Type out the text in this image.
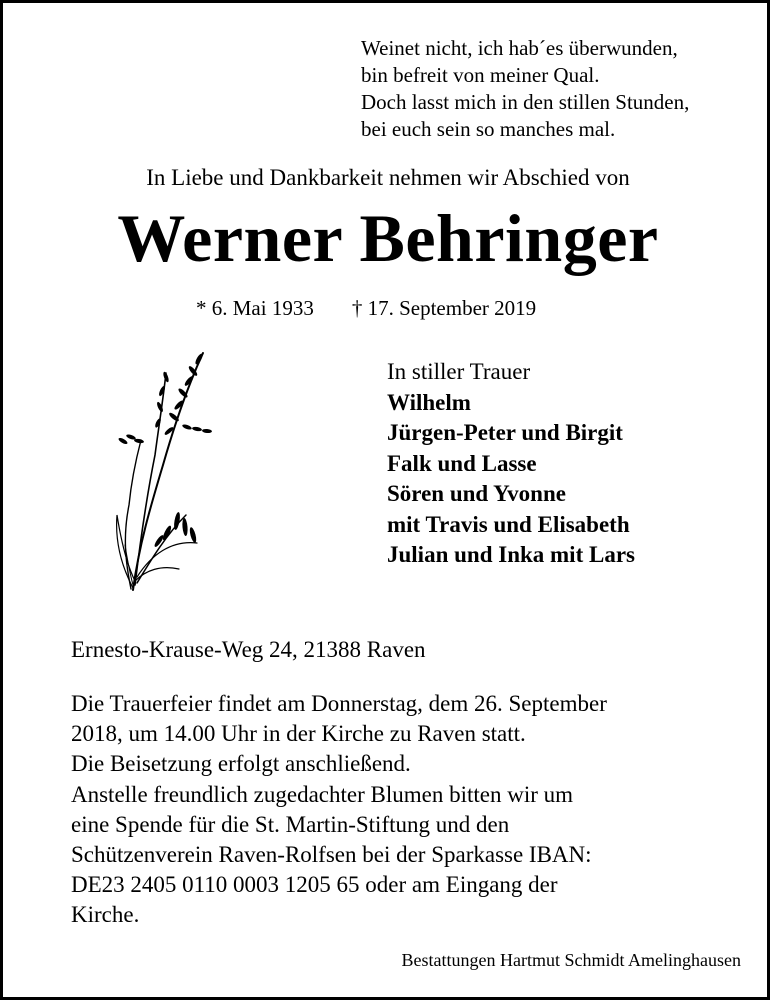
Weinet nicht, ich hab´es überwunden,
bin befreit von meiner Qual.
Doch lasst mich in den stillen Stunden,
bei euch sein so manches mal.
In Liebe und Dankbarkeit nehmen wir Abschied von
Werner Behringer
* 6. Mai 1933 † 17. September 2019
In stiller Trauer
Wilhelm
Jürgen-Peter und Birgit
Falk und Lasse
Sören und Yvonne
mit Travis und Elisabeth
Julian und Inka mit Lars
Ernesto-Krause-Weg 24, 21388 Raven
Die Trauerfeier findet am Donnerstag, dem 26. September
2018, um 14.00 Uhr in der Kirche zu Raven statt.
Die Beisetzung erfolgt anschließend.
Anstelle freundlich zugedachter Blumen bitten wir um
eine Spende für die St. Martin-Stiftung und den
Schützenverein Raven-Rolfsen bei der Sparkasse IBAN:
DE23 2405 0110 0003 1205 65 oder am Eingang der
Kirche.
Bestattungen Hartmut Schmidt Amelinghausen
